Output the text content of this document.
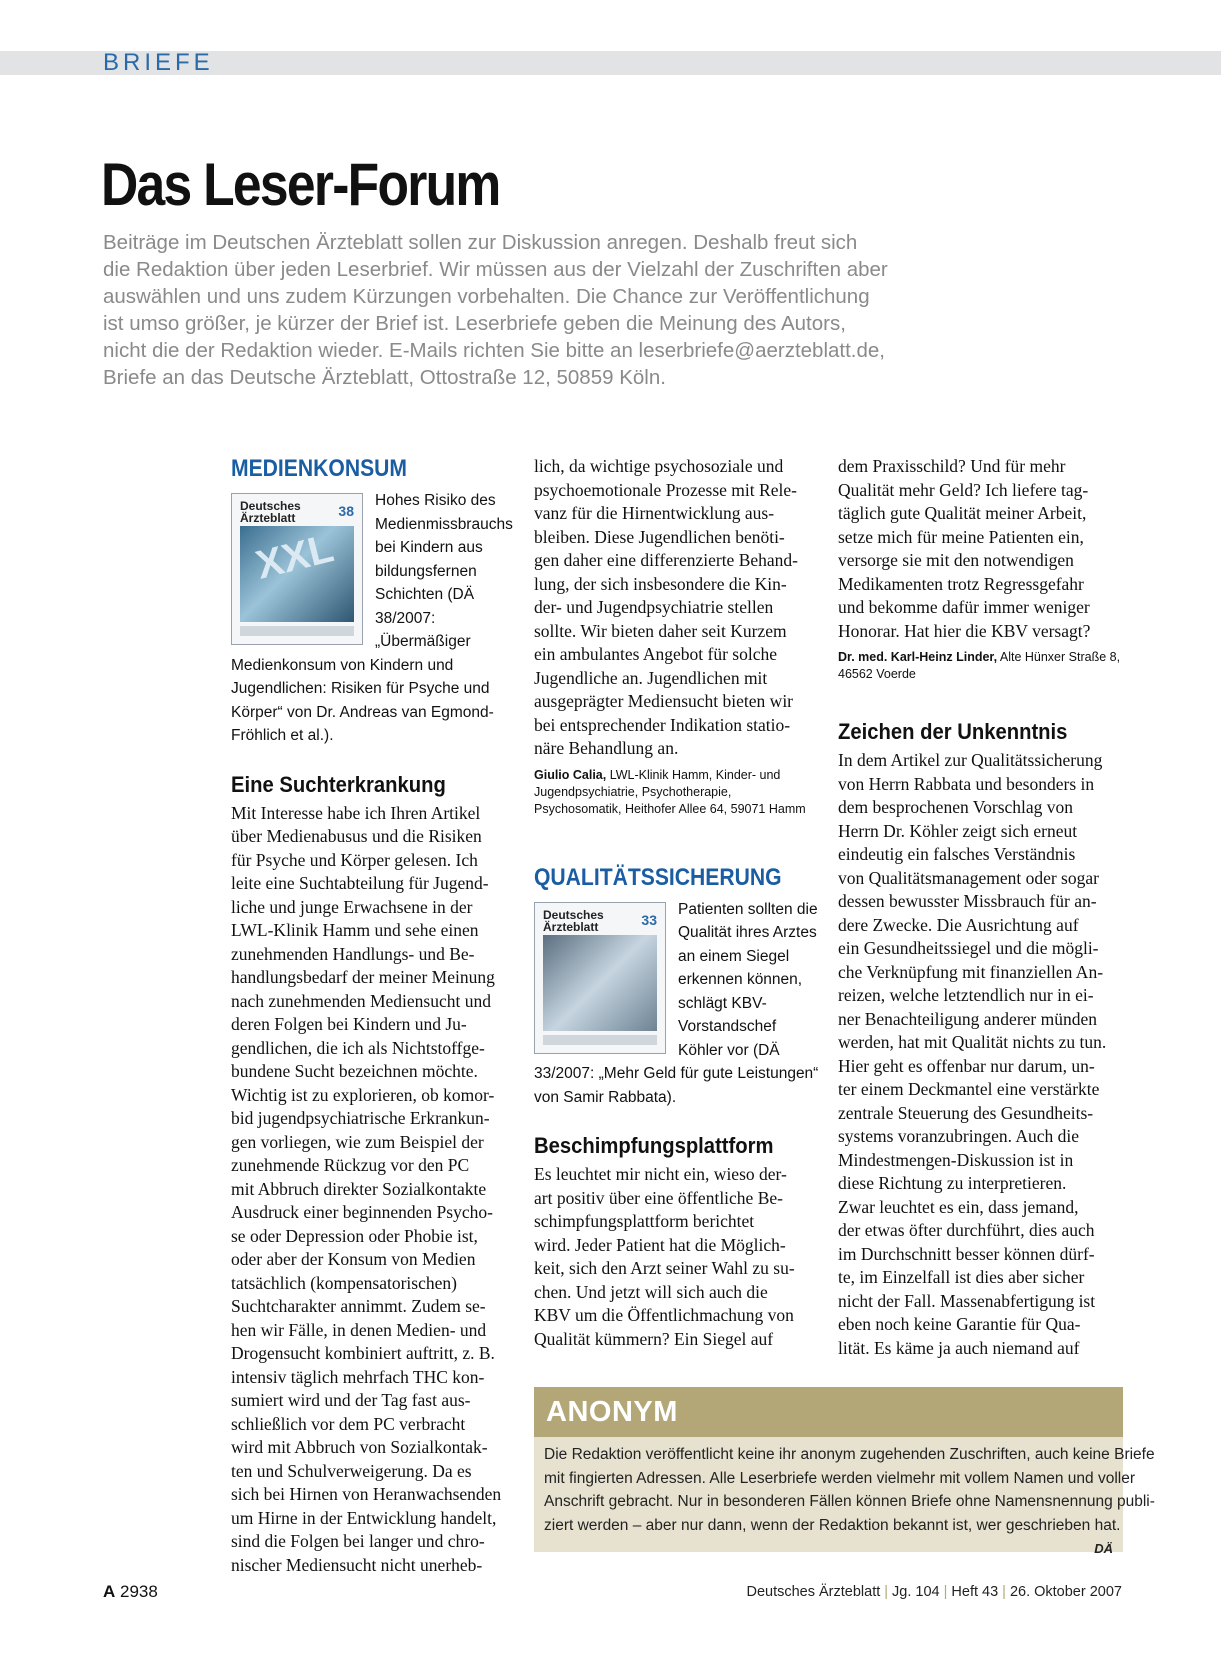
BRIEFE
Das Leser-Forum
Beiträge im Deutschen Ärzteblatt sollen zur Diskussion anregen. Deshalb freut sich
die Redaktion über jeden Leserbrief. Wir müssen aus der Vielzahl der Zuschriften aber
auswählen und uns zudem Kürzungen vorbehalten. Die Chance zur Veröffentlichung
ist umso größer, je kürzer der Brief ist. Leserbriefe geben die Meinung des Autors,
nicht die der Redaktion wieder. E-Mails richten Sie bitte an leserbriefe@aerzteblatt.de,
Briefe an das Deutsche Ärzteblatt, Ottostraße 12, 50859 Köln.
MEDIENKONSUM
Deutsches
Ärzteblatt	38
XXL
Hohes Risiko des Medienmissbrauchs bei Kindern aus bildungsfernen Schichten (DÄ 38/2007: „Übermäßiger Medienkonsum von Kindern und Jugendlichen: Risiken für Psyche und Körper“ von Dr. Andreas van Egmond-Fröhlich et al.).
Eine Suchterkrankung
Mit Interesse habe ich Ihren Artikel
über Medienabusus und die Risiken
für Psyche und Körper gelesen. Ich
leite eine Suchtabteilung für Jugend-
liche und junge Erwachsene in der
LWL-Klinik Hamm und sehe einen
zunehmenden Handlungs- und Be-
handlungsbedarf der meiner Meinung
nach zunehmenden Mediensucht und
deren Folgen bei Kindern und Ju-
gendlichen, die ich als Nichtstoffge-
bundene Sucht bezeichnen möchte.
Wichtig ist zu explorieren, ob komor-
bid jugendpsychiatrische Erkrankun-
gen vorliegen, wie zum Beispiel der
zunehmende Rückzug vor den PC
mit Abbruch direkter Sozialkontakte
Ausdruck einer beginnenden Psycho-
se oder Depression oder Phobie ist,
oder aber der Konsum von Medien
tatsächlich (kompensatorischen)
Suchtcharakter annimmt. Zudem se-
hen wir Fälle, in denen Medien- und
Drogensucht kombiniert auftritt, z. B.
intensiv täglich mehrfach THC kon-
sumiert wird und der Tag fast aus-
schließlich vor dem PC verbracht
wird mit Abbruch von Sozialkontak-
ten und Schulverweigerung. Da es
sich bei Hirnen von Heranwachsenden
um Hirne in der Entwicklung handelt,
sind die Folgen bei langer und chro-
nischer Mediensucht nicht unerheb-
lich, da wichtige psychosoziale und
psychoemotionale Prozesse mit Rele-
vanz für die Hirnentwicklung aus-
bleiben. Diese Jugendlichen benöti-
gen daher eine differenzierte Behand-
lung, der sich insbesondere die Kin-
der- und Jugendpsychiatrie stellen
sollte. Wir bieten daher seit Kurzem
ein ambulantes Angebot für solche
Jugendliche an. Jugendlichen mit
ausgeprägter Mediensucht bieten wir
bei entsprechender Indikation statio-
näre Behandlung an.
Giulio Calia, LWL-Klinik Hamm, Kinder- und Jugendpsychiatrie, Psychotherapie, Psychosomatik, Heithofer Allee 64, 59071 Hamm
QUALITÄTSSICHERUNG
Deutsches
Ärzteblatt	33
Patienten sollten die Qualität ihres Arztes an einem Siegel erkennen können, schlägt KBV-Vorstandschef Köhler vor (DÄ 33/2007: „Mehr Geld für gute Leistungen“ von Samir Rabbata).
Beschimpfungsplattform
Es leuchtet mir nicht ein, wieso der-
art positiv über eine öffentliche Be-
schimpfungsplattform berichtet
wird. Jeder Patient hat die Möglich-
keit, sich den Arzt seiner Wahl zu su-
chen. Und jetzt will sich auch die
KBV um die Öffentlichmachung von
Qualität kümmern? Ein Siegel auf
dem Praxisschild? Und für mehr
Qualität mehr Geld? Ich liefere tag-
täglich gute Qualität meiner Arbeit,
setze mich für meine Patienten ein,
versorge sie mit den notwendigen
Medikamenten trotz Regressgefahr
und bekomme dafür immer weniger
Honorar. Hat hier die KBV versagt?
Dr. med. Karl-Heinz Linder, Alte Hünxer Straße 8, 46562 Voerde
Zeichen der Unkenntnis
In dem Artikel zur Qualitätssicherung
von Herrn Rabbata und besonders in
dem besprochenen Vorschlag von
Herrn Dr. Köhler zeigt sich erneut
eindeutig ein falsches Verständnis
von Qualitätsmanagement oder sogar
dessen bewusster Missbrauch für an-
dere Zwecke. Die Ausrichtung auf
ein Gesundheitssiegel und die mögli-
che Verknüpfung mit finanziellen An-
reizen, welche letztendlich nur in ei-
ner Benachteiligung anderer münden
werden, hat mit Qualität nichts zu tun.
Hier geht es offenbar nur darum, un-
ter einem Deckmantel eine verstärkte
zentrale Steuerung des Gesundheits-
systems voranzubringen. Auch die
Mindestmengen-Diskussion ist in
diese Richtung zu interpretieren.
Zwar leuchtet es ein, dass jemand,
der etwas öfter durchführt, dies auch
im Durchschnitt besser können dürf-
te, im Einzelfall ist dies aber sicher
nicht der Fall. Massenabfertigung ist
eben noch keine Garantie für Qua-
lität. Es käme ja auch niemand auf
ANONYM
Die Redaktion veröffentlicht keine ihr anonym zugehenden Zuschriften, auch keine Briefe
mit fingierten Adressen. Alle Leserbriefe werden vielmehr mit vollem Namen und voller
Anschrift gebracht. Nur in besonderen Fällen können Briefe ohne Namensnennung publi-
ziert werden – aber nur dann, wenn der Redaktion bekannt ist, wer geschrieben hat.
DÄ
A 2938	Deutsches Ärzteblatt | Jg. 104 | Heft 43 | 26. Oktober 2007
